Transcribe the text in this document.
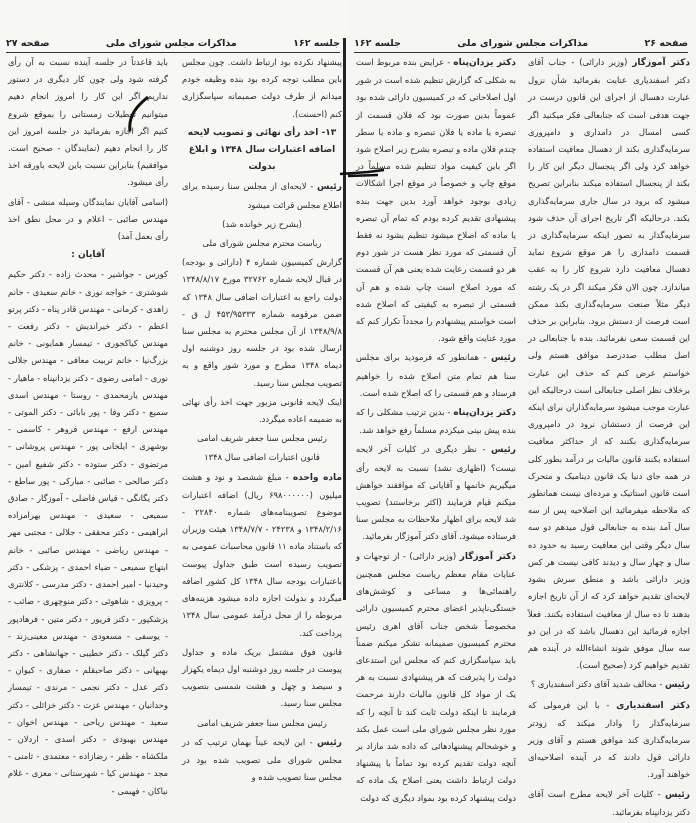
صفحه ۲۷	مذاکرات مجلس شورای ملی	جلسه ۱۶۲
پیشنهاد نکرده بود ارتباط داشت. چون مجلس باین مطلب توجه کرده بود بنده وظیفه خودم میدانم از طرف دولت صمیمانه سپاسگزاری کنم (احسنت).
۱۳- اخذ رأی نهائی و تصویب لایحه اضافه اعتبارات سال ۱۳۴۸ و ابلاغ بدولت
رئیس - لایحه‌ای از مجلس سنا رسیده برای اطلاع مجلس قرائت میشود
(بشرح زیر خوانده شد)
ریاست محترم مجلس شورای ملی
گزارش کمیسیون شماره ۴ (دارائی و بودجه) در قبال لایحه شماره ۳۲۷۶۲ مورخ ۱۳۴۸/۸/۱۷ دولت راجع به اعتبارات اضافی سال ۱۳۴۸ که ضمن مرقومه شماره ۴۵۳/۹۵۳۳۳ ل ق - ۱۳۴۸/۹/۸ از آن مجلس محترم به مجلس سنا ارسال شده بود در جلسه روز دوشنبه اول دیماه ۱۳۴۸ مطرح و مورد شور واقع و به تصویب مجلس سنا رسید.
اینک لایحه قانونی مزبور جهت اخذ رأی نهائی به ضمیمه اعاده میگردد.
رئیس مجلس سنا جعفر شریف امامی
قانون اعتبارات اضافی سال ۱۳۴۸
ماده واحده - مبلغ ششصد و نود و هشت میلیون (۶۹۸۰۰۰۰۰۰ ریال) اضافه اعتبارات موضوع تصویبنامه‌های شماره ۲۲۸۴۰ - ۱۳۴۸/۲/۱۶ و ۲۴۲۳۸ - ۱۳۴۸/۷/۷ هیئت وزیران که باستناد ماده ۱۱ قانون محاسبات عمومی به تصویب رسیده است طبق جداول پیوست باعتبارات بودجه سال ۱۳۴۸ کل کشور اضافه میگردد و بدولت اجازه داده میشود هزینه‌های مربوطه را از محل درآمد عمومی سال ۱۳۴۸ پرداخت کند.
قانون فوق مشتمل بریک ماده و جداول پیوست در جلسه روز دوشنبه اول دیماه یکهزار و سیصد و چهل و هشت شمسی بتصویب مجلس سنا رسید.
رئیس مجلس سنا جعفر شریف امامی
رئیس - این لایحه عیناً بهمان ترتیب که در مجلس شورای ملی تصویب شده بود در مجلس سنا تصویب شده و
باید قاعدتاً در جلسه آینده نسبت به آن رأی گرفته شود ولی چون کار دیگری در دستور نداریم اگر این کار را امروز انجام دهیم میتوانیم تعطیلات زمستانی را بموقع شروع کنیم اگر اجازه بفرمائید در جلسه امروز این کار را انجام دهیم (نمایندگان - صحیح است. موافقیم) بنابراین نسبت باین لایحه باورقه اخذ رأی میشود.
(اسامی آقایان نمایندگان وسیله منشی - آقای مهندس صائبی - اعلام و در محل نطق اخذ رأی بعمل آمد)
آقایان :
کورس - جواشیر - محدث زاده - دکتر حکیم شوشتری - خواجه نوری - خانم سعیدی - خانم زاهدی - کرمانی - مهندس قادر پناه - دکتر پرتو اعظم - دکتر خیراندیش - دکتر رفعت - مهندس کیاکجوری - تیمسار همایونی - خانم بزرگ‌نیا - خانم تربیت معافی - مهندس جلالی نوری - امامی رضوی - دکتر یزدانپناه - ماهیار - مهندس یارمحمدی - روستا - مهندس اسدی سمیع - دکتر وفا - پور بابائی - دکتر الموتی - مهندس ارفع - مهندس فروهر - کاسمی - بوشهری - ایلخانی پور - مهندس پروشانی - مرتضوی - دکتر ستوده - دکتر شفیع امین - دکتر صالحی - صائبی - مبارکی - پور ساطع - دکتر یگانگی - قیاس فاضلی - آموزگار - صادق سمیعی - سعیدی - مهندس بهرامزاده ابراهیمی - دکتر محققی - جلالی - مجتبی مهر - مهندس ریاضی - مهندس صائبی - خانم ابتهاج سمیعی - ضیاء احمدی - پزشکی - دکتر وحیدنیا - امیر احمدی - دکتر مدرسی - کلانتری - پرویزی - شاهوئی - دکتر منوچهری - صائب - پزشکپور - دکتر فریور - دکتر متین - فرهادپور - یوسفی - مسعودی - مهندس معینی‌زند - دکتر گیلک - دکتر خطیبی - جهانشاهی - دکتر بهبهانی - دکتر صاحبقلم - صفاری - کیوان - دکتر عدل - دکتر نجمی - مرندی - تیمسار وحدانیان - مهندس عزت - دکتر خزائلی - دکتر سعید - مهندس ریاحی - مهندس اخوان - مهندس بهبودی - دکتر اسدی - اردلان - ملکشاه - ظفر - رضازاده - معتمدی - ثامنی - مجد - مهندس کیا - شهرستانی - معزی - غلام نیاکان - فهیمی -
جلسه ۱۶۲	مذاکرات مجلس شورای ملی	صفحه ۲۶
دکتر آموزگار (وزیر دارائی) - جناب آقای دکتر اسفندیاری عنایت بفرمائید شأن نزول عبارت دهسال از اجرای این قانون درست در جهت هدفی است که جنابعالی فکر میکنید اگر کسی امسال در دامداری و دامپروری سرمایه‌گذاری بکند از دهسال معافیت استفاده خواهد کرد ولی اگر پنجسال دیگر این کار را بکند از پنجسال استفاده میکند بنابراین تصریح میشود که برود در سال جاری سرمایه‌گذاری بکند. درحالیکه اگر تاریخ اجرای آن حذف شود سرمایه‌گذار به تصور اینکه سرمایه‌گذاری در قسمت دامداری را هر موقع شروع نماید دهسال معافیت دارد شروع کار را به عقب میاندازد. چون الان فکر میکند اگر در یک رشته دیگر مثلاً صنعت سرمایه‌گذاری بکند ممکن است فرصت از دستش برود. بنابراین بر حذف این قسمت سعی نفرمائید. بنده با جنابعالی در اصل مطلب صددرصد موافق هستم ولی خواستم عرض کنم که حذف این عبارت برخلاف نظر اصلی جنابعالی است درحالیکه این عبارت موجب میشود سرمایه‌گذاران برای اینکه این فرصت از دستشان نرود در دامپروری سرمایه‌گذاری بکنند که از حداکثر معافیت استفاده بکنند قانون مالیات بر درآمد بطور کلی در همه جای دنیا یک قانون دینامیک و متحرک است قانون استاتیک و مرده‌ای نیست همانطور که ملاحظه میفرمائید این اصلاحیه پس از سه سال آمد بنده به جنابعالی قول میدهم دو سه سال دیگر وقتی این معافیت رسید به حدود ده سال و چهار سال و دیدند کافی نیست هر کس وزیر دارائی باشد و منطق سرش بشود لایحه‌ای تقدیم خواهد کرد که از آن تاریخ اجازه بدهند تا ده سال از معافیت استفاده بکنند. فعلاً اجازه فرمائید این دهسال باشد که در این دو سه سال موفق شوند انشاءالله در آینده هم تقدیم خواهیم کرد (صحیح است).
رئیس - مخالف شدید آقای دکتر اسفندیاری ؟
دکتر اسفندیاری - با این فرمولی که سرمایه‌گذار را وادار میکند که زودتر سرمایه‌گذاری کند موافق هستم و آقای وزیر دارائی قول دادند که در آینده اصلاحیه‌ای خواهند آورد.
رئیس - کلیات آخر لایحه مطرح است آقای دکتر یزدانپناه بفرمائید.
دکتر یزدان‌پناه - عرایض بنده مربوط است به شکلی که گزارش تنظیم شده است در شور اول اصلاحاتی که در کمیسیون دارائی شده بود عموماً بدین صورت بود که فلان قسمت از تبصره یا ماده یا فلان تبصره و ماده یا سطر چندم فلان ماده و تبصره بشرح زیر اصلاح شود اگر باین کیفیت مواد تنظیم شده مسلماً در موقع چاپ و خصوصاً در موقع اجرا اشکالات زیادی بوجود خواهد آورد بدین جهت بنده پیشنهادی تقدیم کرده بودم که تمام آن تبصره یا ماده که اصلاح میشود تنظیم بشود نه فقط آن قسمتی که مورد نظر هست در شور دوم هر دو قسمت رعایت شده یعنی هم آن قسمت که مورد اصلاح است چاپ شده و هم آن قسمتی از تبصره به کیفیتی که اصلاح شده است خواستم پیشنهادم را مجدداً تکرار کنم که مورد عنایت واقع شود.
رئیس - همانطور که فرمودید برای مجلس سنا هم تمام متن اصلاح شده را خواهیم فرستاد و هم قسمتی را که اصلاح شده است.
دکتر یزدان‌پناه - بدین ترتیب مشکلی را که بنده پیش بینی میکردم مسلماً رفع خواهد شد.
رئیس - نظر دیگری در کلیات آخر لایحه نیست؟ (اظهاری نشد) نسبت به لایحه رأی میگیریم خانمها و آقایانی که موافقند خواهش میکنم قیام فرمایند (اکثر برخاستند) تصویب شد لایحه برای اظهار ملاحظات به مجلس سنا فرستاده میشود. آقای دکتر آموزگار بفرمائید.
دکتر آموزگار (وزیر دارائی) - از توجهات و عنایات مقام معظم ریاست مجلس همچنین راهنمائی‌ها و مساعی و کوشش‌های خستگی‌ناپذیر اعضای محترم کمیسیون دارائی مخصوصاً شخص جناب آقای اهری رئیس محترم کمیسیون صمیمانه تشکر میکنم ضمناً باید سپاسگزاری کنم که مجلس این استدعای دولت را پذیرفت که هر پیشنهادی نسبت به هر یک از مواد کل قانون مالیات دارند مرحمت فرمایند تا اینکه دولت ثابت کند تا آنچه را که مورد نظر مجلس شورای ملی است عمل بکند و خوشحالم پیشنهادهائی که داده شد مازاد بر آنچه دولت تقدیم کرده بود تماماً با پیشنهاد دولت ارتباط داشت یعنی اصلاح یک ماده که دولت پیشنهاد کرده بود بمواد دیگری که دولت
